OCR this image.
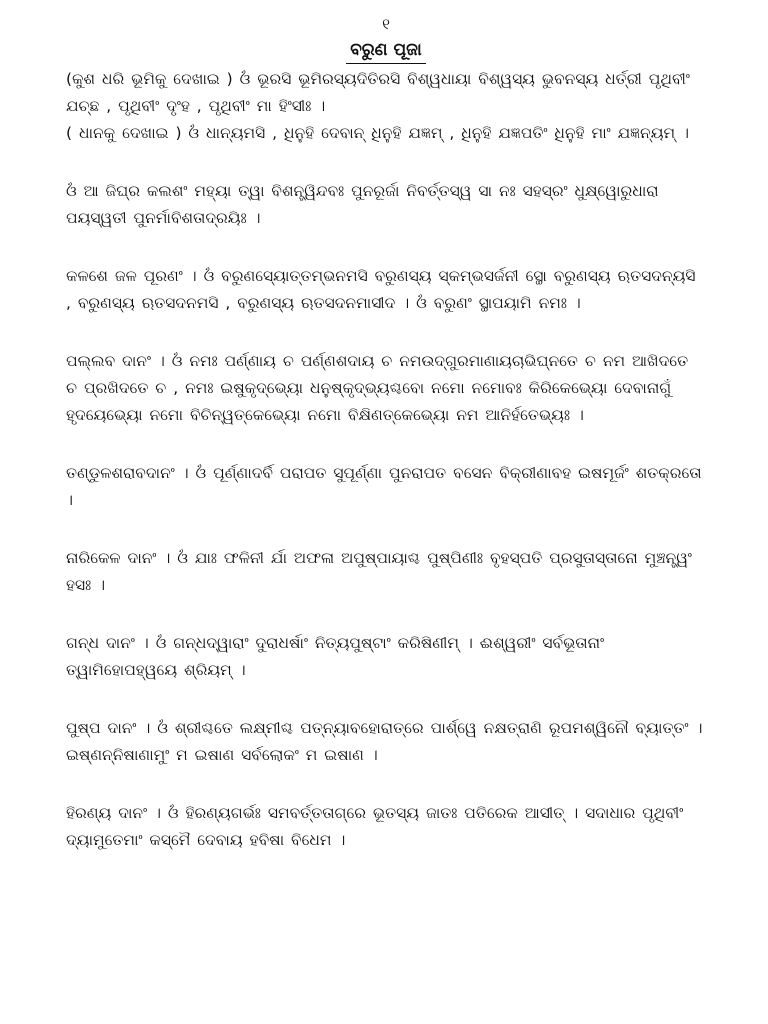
୧

ବରୁଣ ପୂଜା

(କୁଶ ଧରି ଭୂମିକୁ ଦେଖାଇ ) ଓଁ ଭୂରସି ଭୂମିରସ୍ୟଦିତିରସି ବିଶ୍ୱଧାୟା ବିଶ୍ୱସ୍ୟ ଭୁବନସ୍ୟ ଧର୍ତ୍ରୀ ପୃଥିବୀଂ ଯଚ୍ଛ , ପୃଥିବୀଂ ଦୃଂହ , ପୃଥିବୀଂ ମା ହିଂସୀଃ ।

( ଧାନକୁ ଦେଖାଇ ) ଓଁ ଧାନ୍ୟମସି , ଧିନୁହି ଦେବାନ୍ ଧିନୁହି ଯଜ୍ଞମ୍ , ଧିନୁହି ଯଜ୍ଞପତିଂ ଧିନୁହି ମାଂ ଯଜ୍ଞନ୍ୟମ୍ ।

ଓଁ ଆ ଜିଘ୍ର କଲଶଂ ମହ୍ୟା ତ୍ୱା ବିଶନ୍ତ୍ୱିନ୍ଦବଃ ପୁନରୂର୍ଜା ନିବର୍ତ୍ତସ୍ୱ ସା ନଃ ସହସ୍ରଂ ଧୁକ୍ଷ୍ୱୋରୁଧାରା ପୟସ୍ୱତୀ ପୁନର୍ମାବିଶତାଦ୍ରୟିଃ ।

କଳଶେ ଜଳ ପୂରଣଂ । ଓଁ ବରୁଣସ୍ୟୋତ୍ତମ୍ଭନମସି ବରୁଣସ୍ୟ ସ୍କମ୍ଭସର୍ଜନୀ ସ୍ଥୋ ବରୁଣସ୍ୟ ଋତସଦନ୍ୟସି , ବରୁଣସ୍ୟ ଋତସଦନମସି , ବରୁଣସ୍ୟ ଋତସଦନମାସୀଦ । ଓଁ ବରୁଣଂ ସ୍ଥାପୟାମି ନମଃ ।

ପଲ୍ଲବ ଦାନଂ । ଓଁ ନମଃ ପର୍ଣ୍ଣାୟ ଚ ପର୍ଣ୍ଣଶଦାୟ ଚ ନମଉଦ୍‌ଗୁରମାଣାୟଚାଭିଘ୍ନତେ ଚ ନମ ଆଖିଦତେ ଚ ପ୍ରଖିଦତେ ଚ , ନମଃ ଇଷୁକୃଦ୍ଭ୍ୟୋ ଧନୁଷ୍କୃଦ୍ଭ୍ୟଶ୍ଚବୋ ନମୋ ନମୋବଃ କିରିକେଭ୍ୟୋ ଦେବାନାଗୁଁ ହୃଦୟେଭ୍ୟୋ ନମୋ ବିଚିନ୍ୱତ୍କେଭ୍ୟୋ ନମୋ ବିକ୍ଷିଣତ୍କେଭ୍ୟୋ ନମ ଆନିର୍ହତେଭ୍ୟଃ ।

ତଣ୍ଡୁଳଶରାବଦାନଂ । ଓଁ ପୂର୍ଣ୍ଣାଦର୍ବି ପରାପତ ସୁପୂର୍ଣ୍ଣା ପୁନରାପତ ବସେନ ବିକ୍ରୀଣାବହ ଇଷମୂର୍ଜଂ ଶତକ୍ରତୋ ।

ନାରିକେଳ ଦାନଂ । ଓଁ ଯାଃ ଫଳିନୀ ର୍ଯା ଅଫଳା ଅପୁଷ୍ପାୟାଶ୍ଚ ପୁଷ୍ପିଣୀଃ ବୃହସ୍ପତି ପ୍ରସୁତାସ୍ତାନୋ ମୁଞ୍ଚନ୍ତ୍ୱଂ ହସଃ ।

ଗନ୍ଧ ଦାନଂ । ଓଁ ଗନ୍ଧଦ୍ୱାରାଂ ଦୁରାଧର୍ଷାଂ ନିତ୍ୟପୁଷ୍ଟାଂ କରିଷିଣୀମ୍ । ଈଶ୍ୱରୀଂ ସର୍ବଭୂତାନାଂ ତ୍ୱାମିହୋପହ୍ୱୟେ ଶ୍ରିୟମ୍ ।

ପୁଷ୍ପ ଦାନଂ । ଓଁ ଶ୍ରୀଶ୍ଚତେ ଲକ୍ଷ୍ମୀଶ୍ଚ ପତ୍ନ୍ୟାବହୋରାତ୍ରେ ପାର୍ଶ୍ୱେ ନକ୍ଷତ୍ରାଣି ରୂପମଶ୍ୱିନୌ ବ୍ୟାତ୍ତଂ । ଇଷ୍ଣନ୍ନିଷାଣାମୁଂ ମ ଇଷାଣ ସର୍ବଲୋକଂ ମ ଇଷାଣ ।

ହିରଣ୍ୟ ଦାନଂ । ଓଁ ହିରଣ୍ୟଗର୍ଭଃ ସମବର୍ତ୍ତତାଗ୍ରେ ଭୂତସ୍ୟ ଜାତଃ ପତିରେକ ଆସୀତ୍ । ସଦାଧାର ପୃଥିବୀଂ ଦ୍ୟାମୁତେମାଂ କସ୍ମୈ ଦେବାୟ ହବିଷା ବିଧେମ ।
